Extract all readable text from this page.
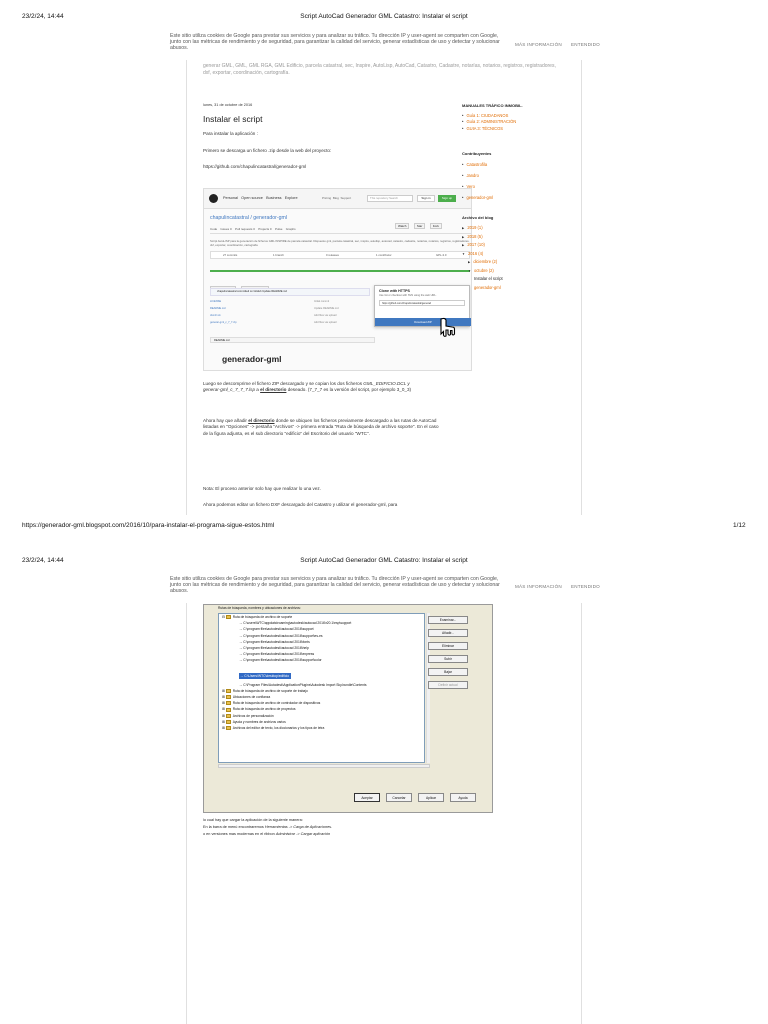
23/2/24, 14:44	Script AutoCad Generador GML Catastro: Instalar el script
Este sitio utiliza cookies de Google para prestar sus servicios y para analizar su tráfico. Tu dirección IP y user-agent se comparten con Google, junto con las métricas de rendimiento y de seguridad, para garantizar la calidad del servicio, generar estadísticas de uso y detectar y solucionar abusos.
MÁS INFORMACIÓN ENTENDIDO
generar GML, GML, GML RGA, GML Edificio, parcela catastral, sec, Inspire, AutoLisp, AutoCad, Catastro, Cadastre, notarías, notarios, registros, registradores, dxf, exportar, coordinación, cartografía.
lunes, 31 de octubre de 2016
Instalar el script
Para instalar la aplicación :
Primero se descarga un fichero .zip desde la web del proyecto:
https://github.com/chapulincatastral/generador-gml
Personal Open source Business Explore	Pricing Blog Support	This repository Search	Sign in	Sign up
chapulincatastral / generador-gml
Watch	Star	Fork
Code Issues 0 Pull requests 0 Projects 0 Pulse Graphs
Script AutoLISP para la generación de ficheros GML INSPIRE de parcela catastral. Dispuesto gml, parcela catastral, sec, inspire, autolisp, autocad, catastro, cadastre, notarías, notarios, registros, registradores, dxf, exportar, coordinación, cartografía
27 commits	1 branch	0 releases	1 contributor	GPL-3.0

chapulincatastral committed on GitHub Update README.md
LICENSE
README.md
dxmlz.vlx
generar-gml_c_7_7.zip
Initial commit
Update README.md
Add files via upload
Add files via upload
README.md
generador-gml
Clone with HTTPS
Use Git or checkout with SVN using the web URL.
https://github.com/chapulincatastral/generad
Download ZIP
Luego se descomprime el fichero ZIP descargado y se copian los dos ficheros GML_EDIFICIO.DCL y generar-gml_c_7_7_7.lsp a el directorio deseado. (7_7_7 es la versión del script, por ejemplo 3_0_3)
Ahora hay que añadir el directorio donde se ubiquen los ficheros previamente descargado a las rutas de AutoCad listadas en "Opciones" -> pestaña "Archivos" -> primera entrada "Ruta de búsqueda de archivo soporte". En el caso de la figura adjunta, es el sub directorio "edificio" del Escritorio del usuario "WTC".
Nota: El proceso anterior solo hay que realizar lo una vez.
Ahora podemos editar un fichero DXF descargado del Catastro y utilizar el generador-gml, para
MANUALES TRÁFICO INMOBIL.
• Guía 1: CIUDADANOS
• Guía 2: ADMINISTRACIÓN
• GUIA 3: TÉCNICOS
Contribuyentes
• Catastrofila
• Jandro
• Vero
• generador-gml
Archivo del blog
▶ 2019 (1)
▶ 2018 (5)
▶ 2017 (10)
▼ 2016 (4)
▶ diciembre (2)
▼ octubre (2)
Instalar el script
generador-gml
https://generador-gml.blogspot.com/2016/10/para-instalar-el-programa-sigue-estos.html	1/12
23/2/24, 14:44	Script AutoCad Generador GML Catastro: Instalar el script
Este sitio utiliza cookies de Google para prestar sus servicios y para analizar su tráfico. Tu dirección IP y user-agent se comparten con Google, junto con las métricas de rendimiento y de seguridad, para garantizar la calidad del servicio, generar estadísticas de uso y detectar y solucionar abusos.
MÁS INFORMACIÓN ENTENDIDO
Rutas de búsqueda, nombres y ubicaciones de archivos:
⊟ Ruta de búsqueda de archivo de soporte
→ C:\users\WTC\appdata\roaming\autodesk\autocad 2016\r20.1\esp\support
→ C:\program files\autodesk\autocad 2016\support
→ C:\program files\autodesk\autocad 2016\support\es-es
→ C:\program files\autodesk\autocad 2016\fonts
→ C:\program files\autodesk\autocad 2016\help
→ C:\program files\autodesk\autocad 2016\express
→ C:\program files\autodesk\autocad 2016\support\color
→ C:\Users\WTC\desktop\edificio

→ C:\Program Files\Autodesk\ApplicationPlugins\Autodesk Import Sky.bundle\Contents
⊞ Ruta de búsqueda de archivo de soporte de trabajo
⊞ Ubicaciones de confianza
⊞ Ruta de búsqueda de archivo de controlador de dispositivos
⊞ Ruta de búsqueda de archivo de proyectos
⊞ Archivos de personalización
⊞ Ayuda y nombres de archivos varios
⊞ Archivos del editor de texto, los diccionarios y los tipos de letra
Examinar...
Añadir...
Eliminar
Subir
Bajar
Definir actual
Aceptar	Cancelar	Aplicar	Ayuda
lo cual hay que cargar la aplicación de la siguiente manera:
En la barra de menú encontraremos Herramientas -> Carga de Aplicaciones.
o en versiones mas modernas en el ribbon Administrar -> Cargar aplicación
